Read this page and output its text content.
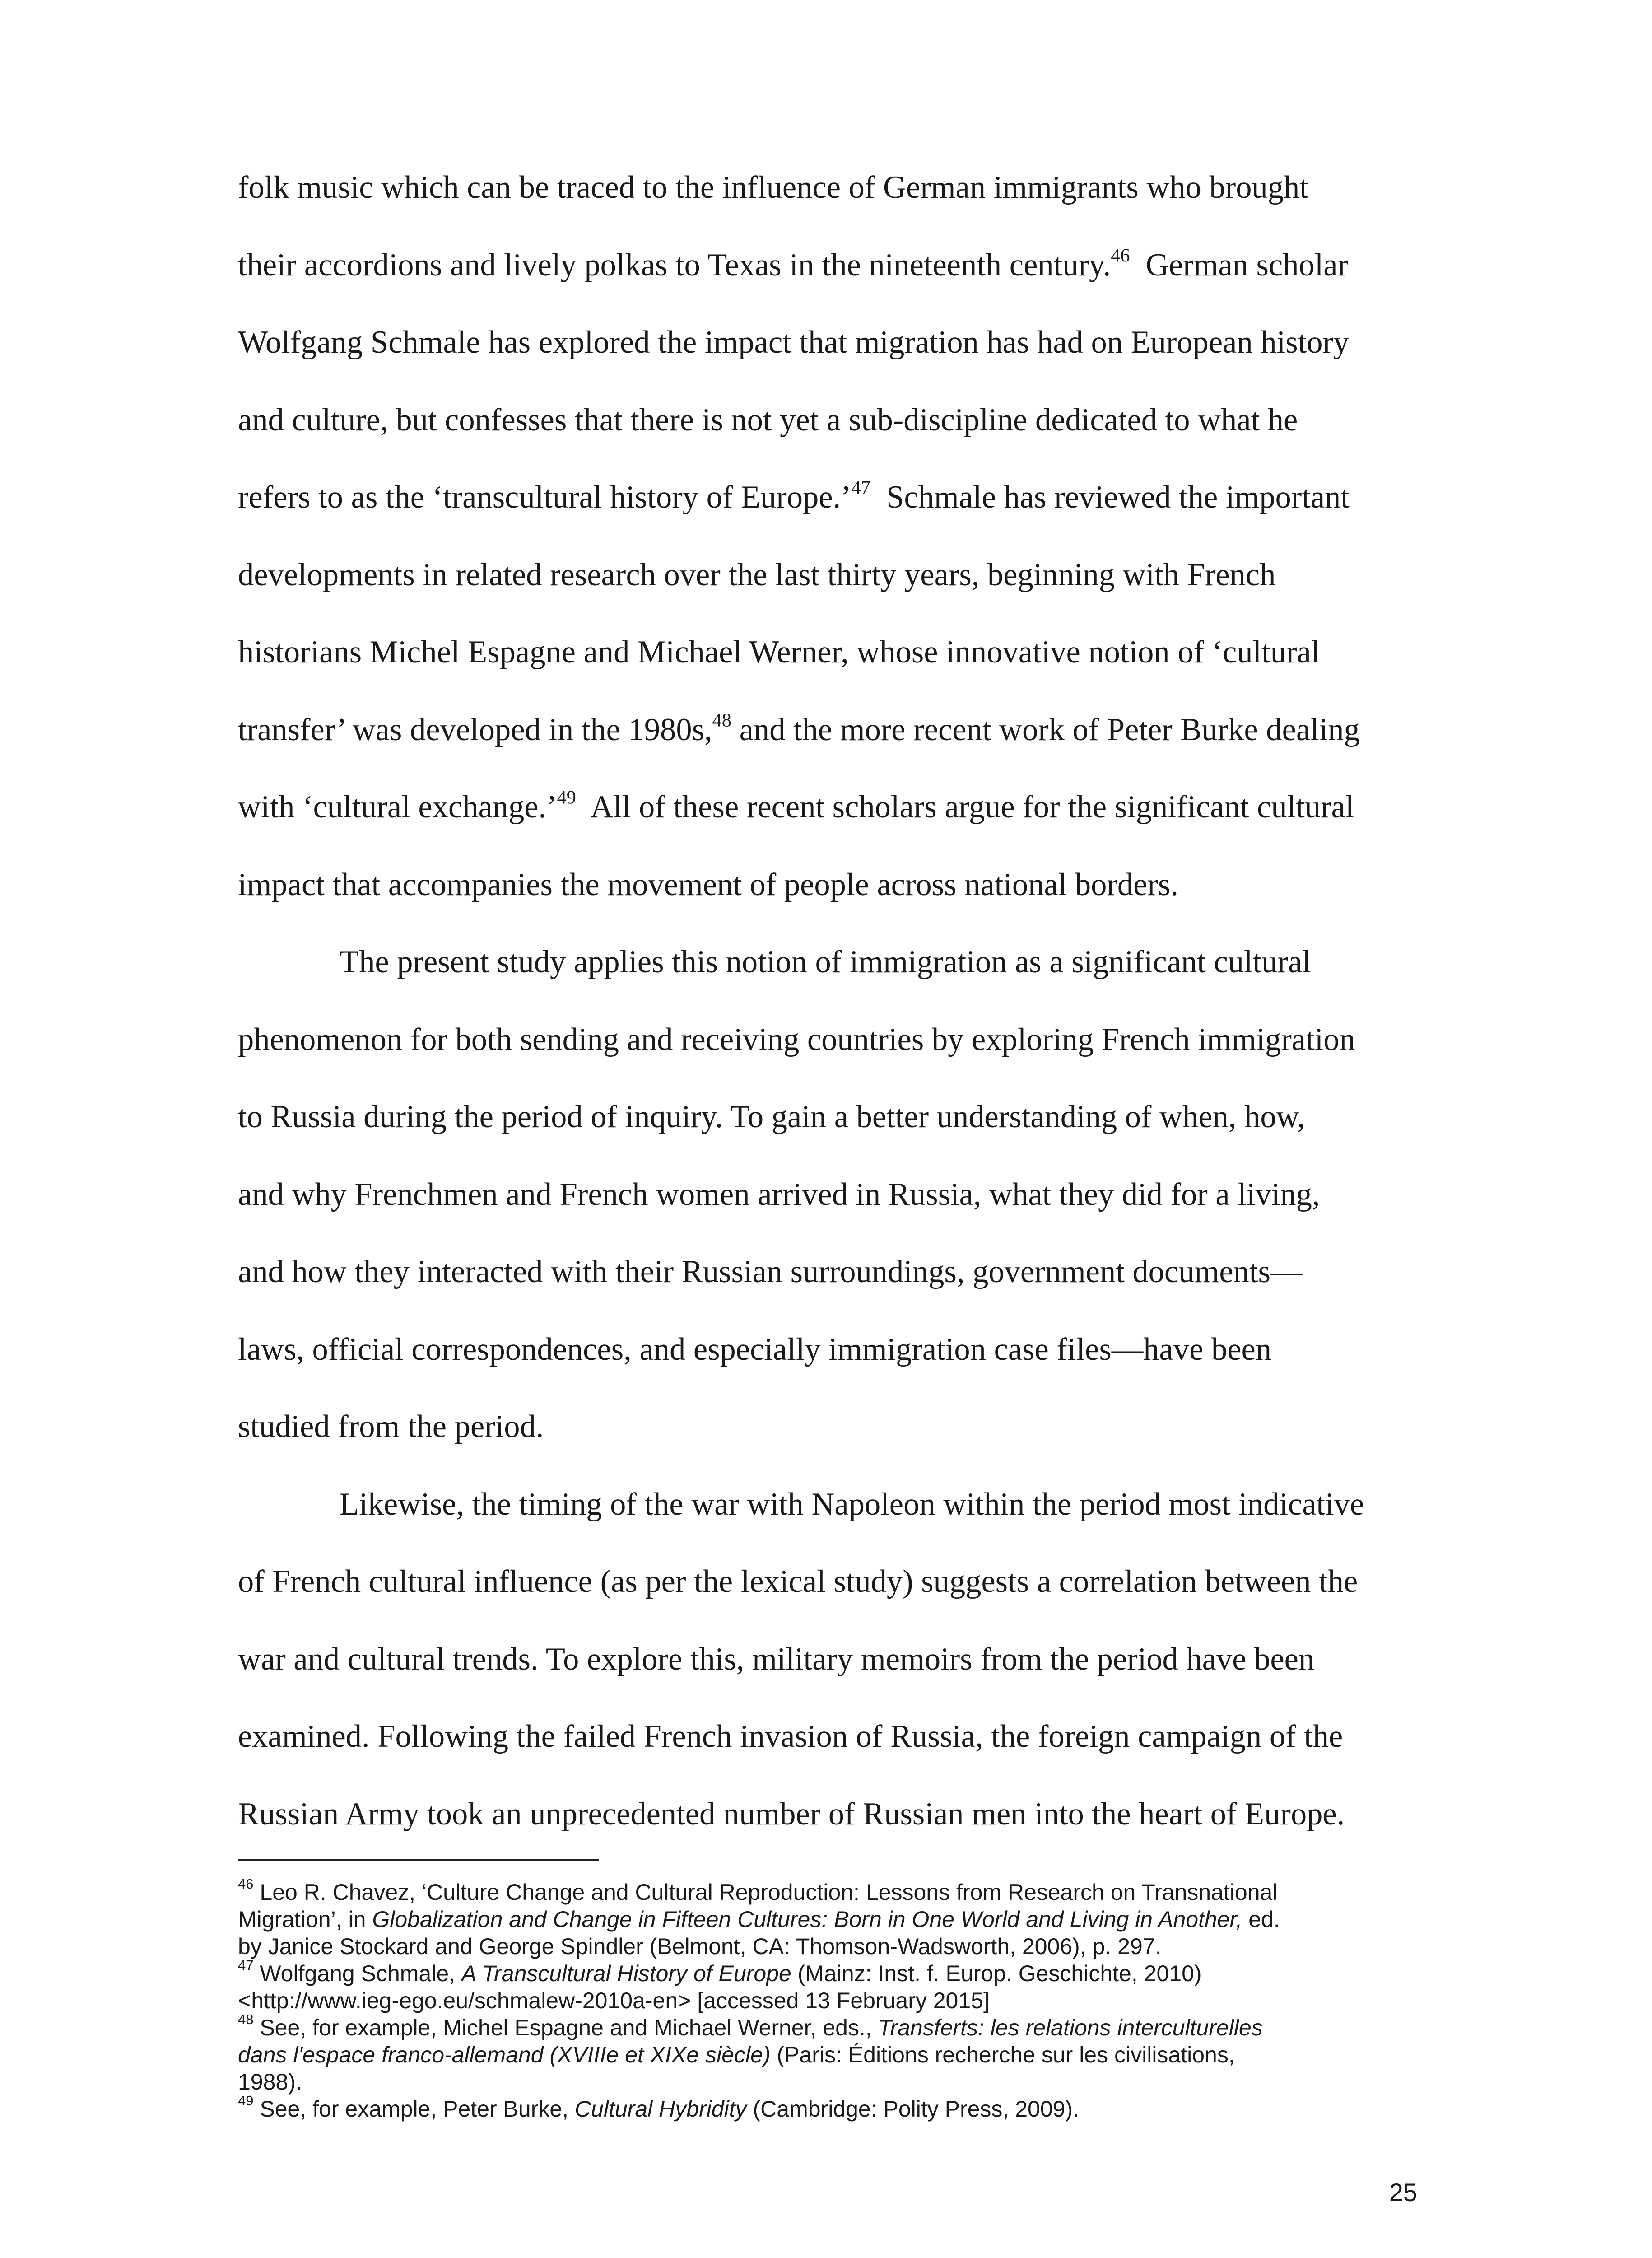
folk music which can be traced to the influence of German immigrants who brought
their accordions and lively polkas to Texas in the nineteenth century.$^{46}$ German scholar
Wolfgang Schmale has explored the impact that migration has had on European history
and culture, but confesses that there is not yet a sub-discipline dedicated to what he
refers to as the ‘transcultural history of Europe.’$^{47}$ Schmale has reviewed the important
developments in related research over the last thirty years, beginning with French
historians Michel Espagne and Michael Werner, whose innovative notion of ‘cultural
transfer’ was developed in the 1980s,$^{48}$ and the more recent work of Peter Burke dealing
with ‘cultural exchange.’$^{49}$ All of these recent scholars argue for the significant cultural
impact that accompanies the movement of people across national borders.

The present study applies this notion of immigration as a significant cultural
phenomenon for both sending and receiving countries by exploring French immigration
to Russia during the period of inquiry. To gain a better understanding of when, how,
and why Frenchmen and French women arrived in Russia, what they did for a living,
and how they interacted with their Russian surroundings, government documents—
laws, official correspondences, and especially immigration case files—have been
studied from the period.

Likewise, the timing of the war with Napoleon within the period most indicative
of French cultural influence (as per the lexical study) suggests a correlation between the
war and cultural trends. To explore this, military memoirs from the period have been
examined. Following the failed French invasion of Russia, the foreign campaign of the
Russian Army took an unprecedented number of Russian men into the heart of Europe.

$^{46}$ Leo R. Chavez, ‘Culture Change and Cultural Reproduction: Lessons from Research on Transnational
Migration’, in Globalization and Change in Fifteen Cultures: Born in One World and Living in Another, ed.
by Janice Stockard and George Spindler (Belmont, CA: Thomson-Wadsworth, 2006), p. 297.

$^{47}$ Wolfgang Schmale, A Transcultural History of Europe (Mainz: Inst. f. Europ. Geschichte, 2010)
<http://www.ieg-ego.eu/schmalew-2010a-en> [accessed 13 February 2015]

$^{48}$ See, for example, Michel Espagne and Michael Werner, eds., Transferts: les relations interculturelles
dans l'espace franco-allemand (XVIIIe et XIXe siècle) (Paris: Éditions recherche sur les civilisations,
1988).

$^{49}$ See, for example, Peter Burke, Cultural Hybridity (Cambridge: Polity Press, 2009).

25
